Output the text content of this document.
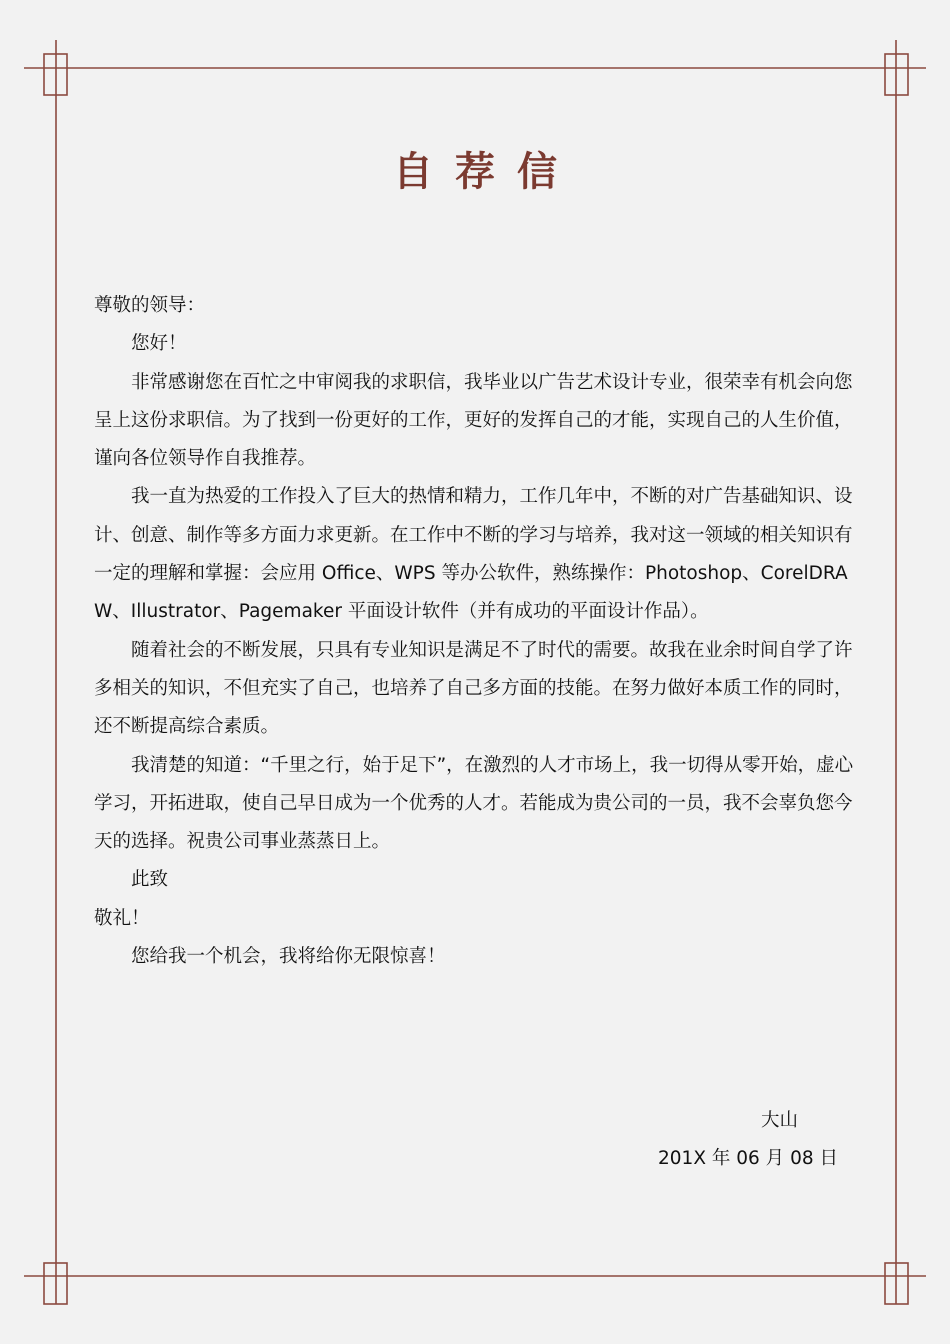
自荐信

尊敬的领导：

您好！

非常感谢您在百忙之中审阅我的求职信，我毕业以广告艺术设计专业，很荣幸有机会向您呈上这份求职信。为了找到一份更好的工作，更好的发挥自己的才能，实现自己的人生价值，谨向各位领导作自我推荐。

我一直为热爱的工作投入了巨大的热情和精力，工作几年中，不断的对广告基础知识、设计、创意、制作等多方面力求更新。在工作中不断的学习与培养，我对这一领域的相关知识有一定的理解和掌握：会应用 Office、WPS 等办公软件，熟练操作：Photoshop、CorelDRAW、Illustrator、Pagemaker 平面设计软件（并有成功的平面设计作品）。

随着社会的不断发展，只具有专业知识是满足不了时代的需要。故我在业余时间自学了许多相关的知识，不但充实了自己，也培养了自己多方面的技能。在努力做好本质工作的同时，还不断提高综合素质。

我清楚的知道：“千里之行，始于足下”，在激烈的人才市场上，我一切得从零开始，虚心学习，开拓进取，使自己早日成为一个优秀的人才。若能成为贵公司的一员，我不会辜负您今天的选择。祝贵公司事业蒸蒸日上。

此致

敬礼！

您给我一个机会，我将给你无限惊喜！

大山

201X 年 06 月 08 日
